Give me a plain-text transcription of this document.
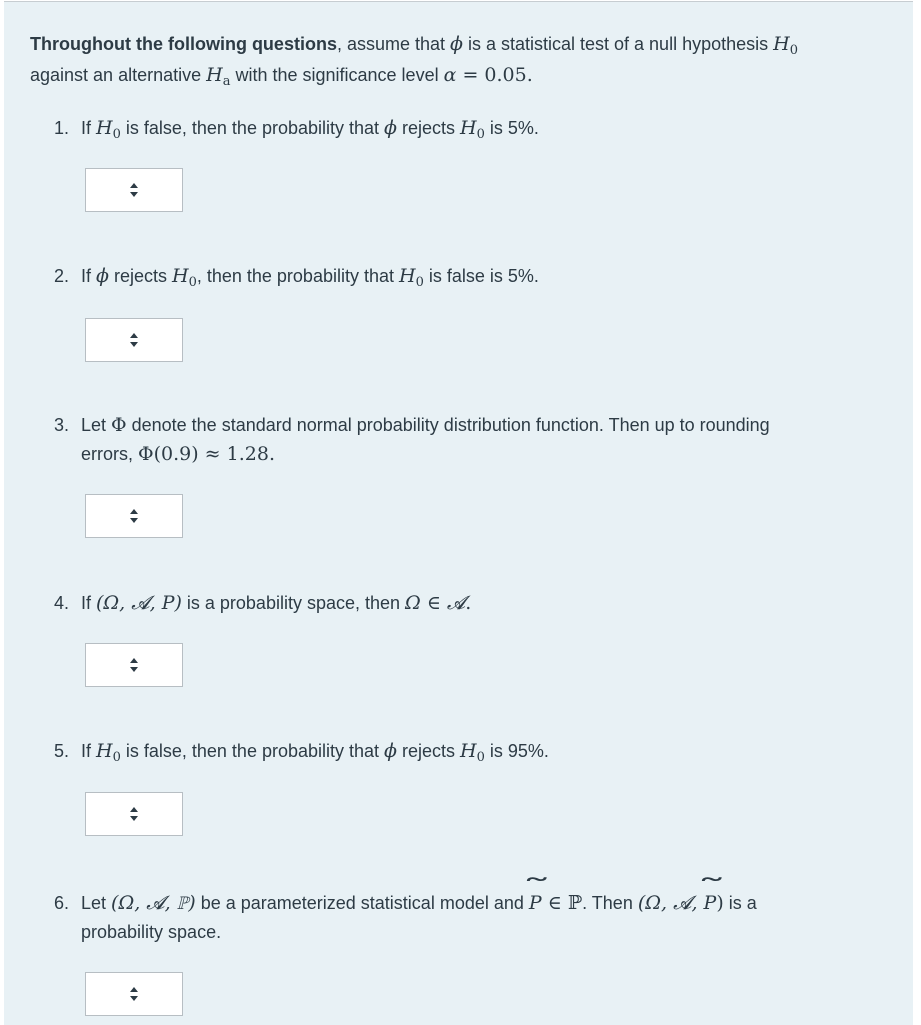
Throughout the following questions, assume that ϕ is a statistical test of a null hypothesis $H_0$
against an alternative $H_a$ with the significance level α = 0.05.
1. If $H_0$ is false, then the probability that ϕ rejects $H_0$ is 5%.
2. If ϕ rejects $H_0$, then the probability that $H_0$ is false is 5%.
3. Let Φ denote the standard normal probability distribution function. Then up to rounding
errors, Φ(0.9) ≈ 1.28.
4. If (Ω, 𝓐, P) is a probability space, then Ω ∈ 𝓐.
5. If $H_0$ is false, then the probability that ϕ rejects $H_0$ is 95%.
6. Let (Ω, 𝓐, ℙ) be a parameterized statistical model and ˜ P ∈ ℙ. Then (Ω, 𝓐, ˜ P) is a
probability space.
